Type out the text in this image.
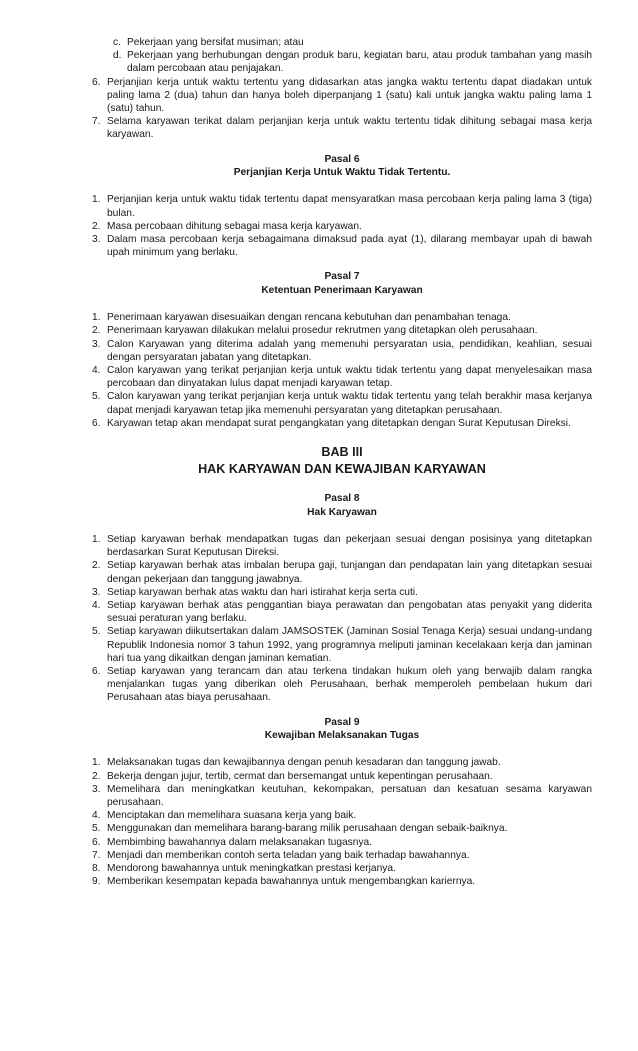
c. Pekerjaan yang bersifat musiman; atau
d. Pekerjaan yang berhubungan dengan produk baru, kegiatan baru, atau produk tambahan yang masih dalam percobaan atau penjajakan.
6. Perjanjian kerja untuk waktu tertentu yang didasarkan atas jangka waktu tertentu dapat diadakan untuk paling lama 2 (dua) tahun dan hanya boleh diperpanjang 1 (satu) kali untuk jangka waktu paling lama 1 (satu) tahun.
7. Selama karyawan terikat dalam perjanjian kerja untuk waktu tertentu tidak dihitung sebagai masa kerja karyawan.
Pasal 6
Perjanjian Kerja Untuk Waktu Tidak Tertentu.
1. Perjanjian kerja untuk waktu tidak tertentu dapat mensyaratkan masa percobaan kerja paling lama 3 (tiga) bulan.
2. Masa percobaan dihitung sebagai masa kerja karyawan.
3. Dalam masa percobaan kerja sebagaimana dimaksud pada ayat (1), dilarang membayar upah di bawah upah minimum yang berlaku.
Pasal 7
Ketentuan Penerimaan Karyawan
1. Penerimaan karyawan disesuaikan dengan rencana kebutuhan dan penambahan tenaga.
2. Penerimaan karyawan dilakukan melalui prosedur rekrutmen yang ditetapkan oleh perusahaan.
3. Calon Karyawan yang diterima adalah yang memenuhi persyaratan usia, pendidikan, keahlian, sesuai dengan persyaratan jabatan yang ditetapkan.
4. Calon karyawan yang terikat perjanjian kerja untuk waktu tidak tertentu yang dapat menyelesaikan masa percobaan dan dinyatakan lulus dapat menjadi karyawan tetap.
5. Calon karyawan yang terikat perjanjian kerja untuk waktu tidak tertentu yang telah berakhir masa kerjanya dapat menjadi karyawan tetap jika memenuhi persyaratan yang ditetapkan perusahaan.
6. Karyawan tetap akan mendapat surat pengangkatan yang ditetapkan dengan Surat Keputusan Direksi.
BAB III
HAK KARYAWAN DAN KEWAJIBAN KARYAWAN
Pasal 8
Hak Karyawan
1. Setiap karyawan berhak mendapatkan tugas dan pekerjaan sesuai dengan posisinya yang ditetapkan berdasarkan Surat Keputusan Direksi.
2. Setiap karyawan berhak atas imbalan berupa gaji, tunjangan dan pendapatan lain yang ditetapkan sesuai dengan pekerjaan dan tanggung jawabnya.
3. Setiap karyawan berhak atas waktu dan hari istirahat kerja serta cuti.
4. Setiap karyawan berhak atas penggantian biaya perawatan dan pengobatan atas penyakit yang diderita sesuai peraturan yang berlaku.
5. Setiap karyawan diikutsertakan dalam JAMSOSTEK (Jaminan Sosial Tenaga Kerja) sesuai undang-undang Republik Indonesia nomor 3 tahun 1992, yang programnya meliputi jaminan kecelakaan kerja dan jaminan hari tua yang dikaitkan dengan jaminan kematian.
6. Setiap karyawan yang terancam dan atau terkena tindakan hukum oleh yang berwajib dalam rangka menjalankan tugas yang diberikan oleh Perusahaan, berhak memperoleh pembelaan hukum dari Perusahaan atas biaya perusahaan.
Pasal 9
Kewajiban Melaksanakan Tugas
1. Melaksanakan tugas dan kewajibannya dengan penuh kesadaran dan tanggung jawab.
2. Bekerja dengan jujur, tertib, cermat dan bersemangat untuk kepentingan perusahaan.
3. Memelihara dan meningkatkan keutuhan, kekompakan, persatuan dan kesatuan sesama karyawan perusahaan.
4. Menciptakan dan memelihara suasana kerja yang baik.
5. Menggunakan dan memelihara barang-barang milik perusahaan dengan sebaik-baiknya.
6. Membimbing bawahannya dalam melaksanakan tugasnya.
7. Menjadi dan memberikan contoh serta teladan yang baik terhadap bawahannya.
8. Mendorong bawahannya untuk meningkatkan prestasi kerjanya.
9. Memberikan kesempatan kepada bawahannya untuk mengembangkan kariernya.
